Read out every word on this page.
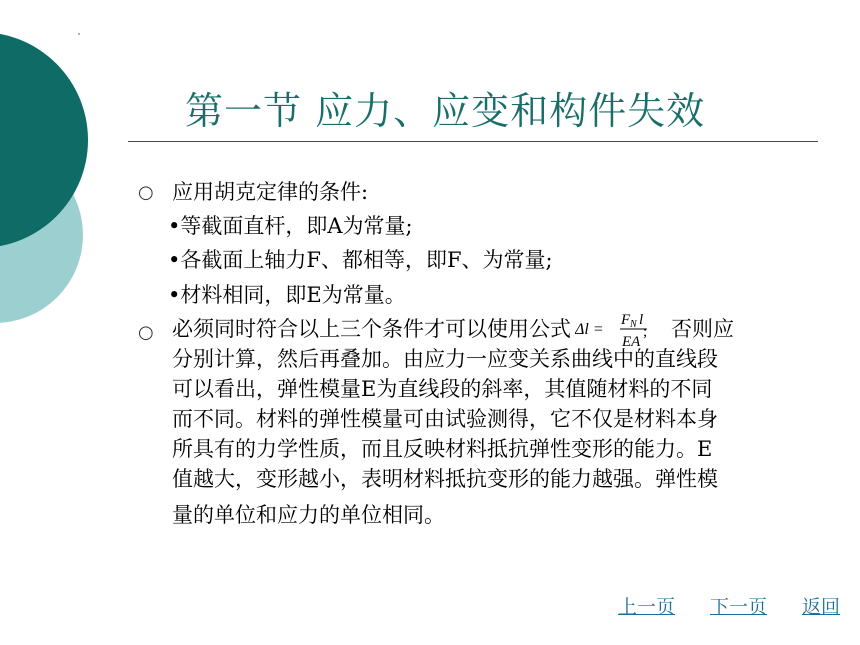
第一节 应力、应变和构件失效
○ 应用胡克定律的条件:
•等截面直杆，即A为常量;
•各截面上轴力F、都相等，即F、为常量;
•材料相同，即E为常量。
○ 必须同时符合以上三个条件才可以使用公式 Δl =
F N l
EA
; 否则应

分别计算，然后再叠加。由应力一应变关系曲线中的直线段

可以看出，弹性模量E为直线段的斜率，其值随材料的不同

而不同。材料的弹性模量可由试验测得，它不仅是材料本身

所具有的力学性质，而且反映材料抵抗弹性变形的能力。E

值越大，变形越小，表明材料抵抗变形的能力越强。弹性模

量的单位和应力的单位相同。

上一页 下一页 返回
